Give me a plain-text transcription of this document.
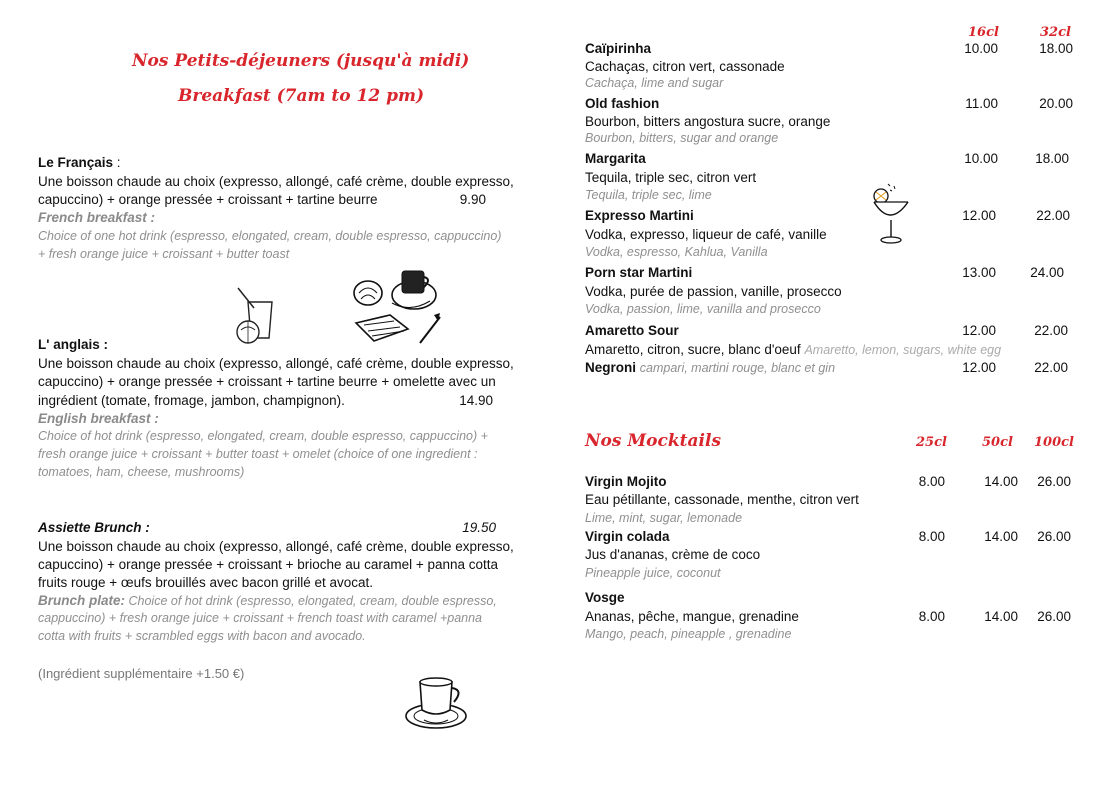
Nos Petits-déjeuners (jusqu'à midi)
Breakfast (7am to 12 pm)
Le Français :
Une boisson chaude au choix (expresso, allongé, café crème, double expresso,
capuccino) + orange pressée + croissant + tartine beurre	9.90
French breakfast :
Choice of one hot drink (espresso, elongated, cream, double espresso, cappuccino)
+ fresh orange juice + croissant + butter toast
L' anglais :
Une boisson chaude au choix (expresso, allongé, café crème, double expresso,
capuccino) + orange pressée + croissant + tartine beurre + omelette avec un
ingrédient (tomate, fromage, jambon, champignon).	14.90
English breakfast :
Choice of hot drink (espresso, elongated, cream, double espresso, cappuccino) +
fresh orange juice + croissant + butter toast + omelet (choice of one ingredient :
tomatoes, ham, cheese, mushrooms)
Assiette Brunch :	19.50
Une boisson chaude au choix (expresso, allongé, café crème, double expresso,
capuccino) + orange pressée + croissant + brioche au caramel + panna cotta
fruits rouge + œufs brouillés avec bacon grillé et avocat.
Brunch plate: Choice of hot drink (espresso, elongated, cream, double espresso,
cappuccino) + fresh orange juice + croissant + french toast with caramel +panna
cotta with fruits + scrambled eggs with bacon and avocado.
(Ingrédient supplémentaire +1.50 €)
16cl	32cl
Caïpirinha	10.00	18.00
Cachaças, citron vert, cassonade
Cachaça, lime and sugar
Old fashion	11.00	20.00
Bourbon, bitters angostura sucre, orange
Bourbon, bitters, sugar and orange
Margarita	10.00	18.00
Tequila, triple sec, citron vert
Tequila, triple sec, lime
Expresso Martini	12.00	22.00
Vodka, expresso, liqueur de café, vanille
Vodka, espresso, Kahlua, Vanilla
Porn star Martini	13.00	24.00
Vodka, purée de passion, vanille, prosecco
Vodka, passion, lime, vanilla and prosecco
Amaretto Sour	12.00	22.00
Amaretto, citron, sucre, blanc d'oeuf Amaretto, lemon, sugars, white egg
Negroni campari, martini rouge, blanc et gin	12.00	22.00
Nos Mocktails	25cl	50cl 100cl
Virgin Mojito	8.00	14.00	26.00
Eau pétillante, cassonade, menthe, citron vert
Lime, mint, sugar, lemonade
Virgin colada	8.00	14.00	26.00
Jus d'ananas, crème de coco
Pineapple juice, coconut
Vosge
Ananas, pêche, mangue, grenadine	8.00	14.00	26.00
Mango, peach, pineapple , grenadine
